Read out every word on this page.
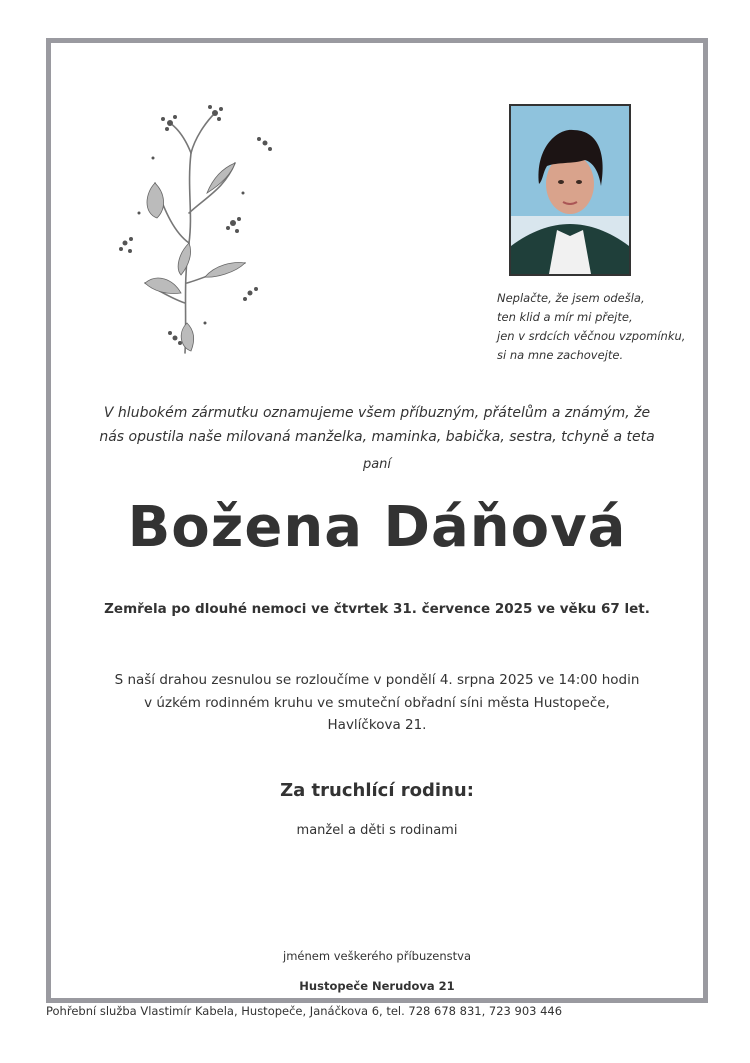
Neplačte, že jsem odešla,
ten klid a mír mi přejte,
jen v srdcích věčnou vzpomínku,
si na mne zachovejte.
V hlubokém zármutku oznamujeme všem příbuzným, přátelům a známým, že
nás opustila naše milovaná manželka, maminka, babička, sestra, tchyně a teta
paní
Božena Dáňová
Zemřela po dlouhé nemoci ve čtvrtek 31. července 2025 ve věku 67 let.
S naší drahou zesnulou se rozloučíme v pondělí 4. srpna 2025 ve 14:00 hodin
v úzkém rodinném kruhu ve smuteční obřadní síni města Hustopeče,
Havlíčkova 21.
Za truchlící rodinu:
manžel a děti s rodinami
jménem veškerého příbuzenstva
Hustopeče Nerudova 21
Pohřební služba Vlastimír Kabela, Hustopeče, Janáčkova 6, tel. 728 678 831, 723 903 446
